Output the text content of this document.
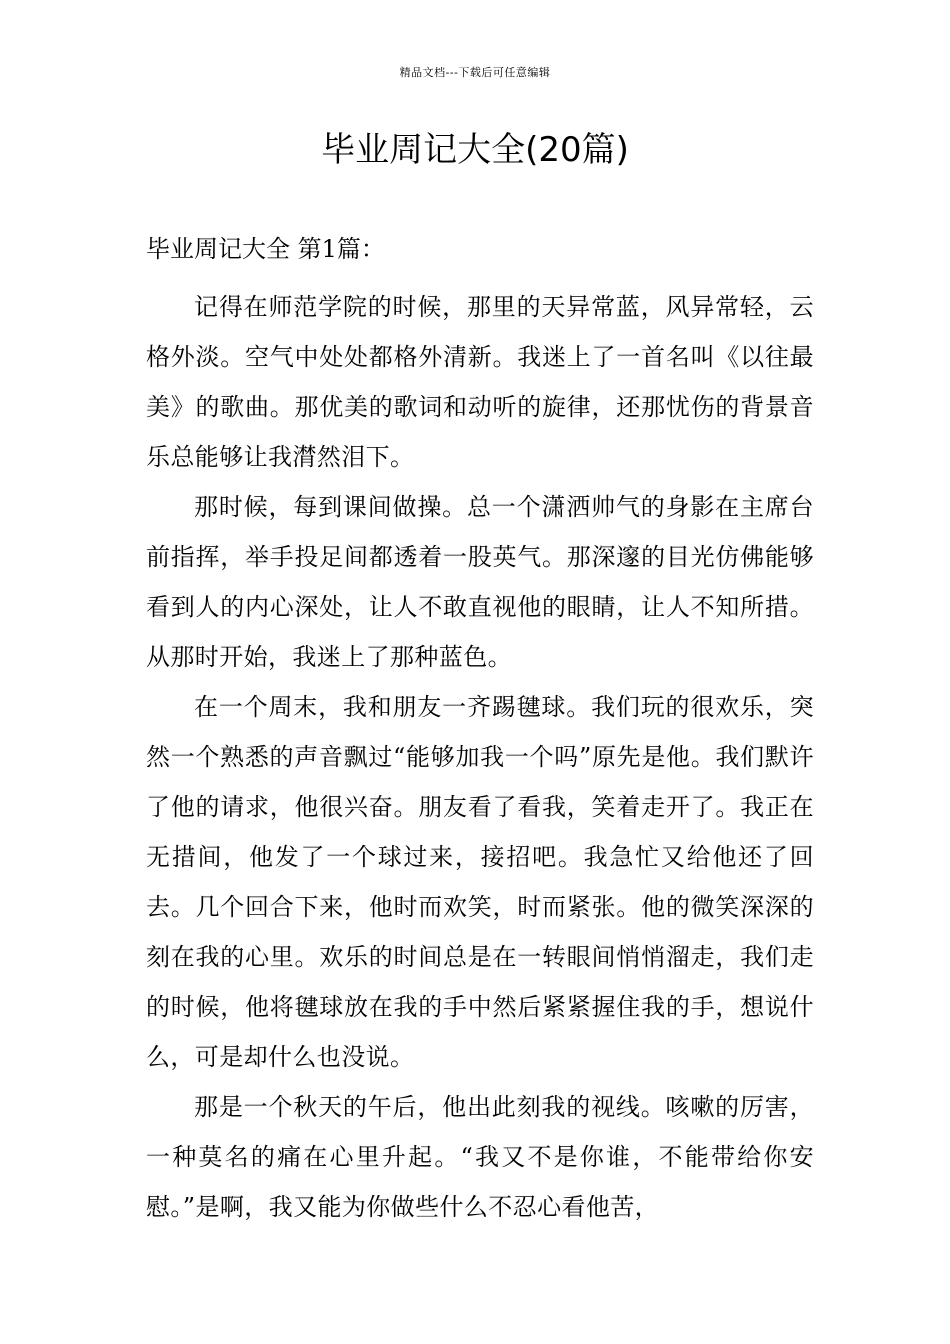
精品文档---下载后可任意编辑
毕业周记大全(20篇)
毕业周记大全 第1篇：

记得在师范学院的时候，那里的天异常蓝，风异常轻，云格外淡。空气中处处都格外清新。我迷上了一首名叫《以往最美》的歌曲。那优美的歌词和动听的旋律，还那忧伤的背景音乐总能够让我潸然泪下。

那时候，每到课间做操。总一个潇洒帅气的身影在主席台前指挥，举手投足间都透着一股英气。那深邃的目光仿佛能够看到人的内心深处，让人不敢直视他的眼睛，让人不知所措。从那时开始，我迷上了那种蓝色。

在一个周末，我和朋友一齐踢毽球。我们玩的很欢乐，突然一个熟悉的声音飘过“能够加我一个吗”原先是他。我们默许了他的请求，他很兴奋。朋友看了看我，笑着走开了。我正在无措间，他发了一个球过来，接招吧。我急忙又给他还了回去。几个回合下来，他时而欢笑，时而紧张。他的微笑深深的刻在我的心里。欢乐的时间总是在一转眼间悄悄溜走，我们走的时候，他将毽球放在我的手中然后紧紧握住我的手，想说什么，可是却什么也没说。

那是一个秋天的午后，他出此刻我的视线。咳嗽的厉害，一种莫名的痛在心里升起。“我又不是你谁，不能带给你安慰。”是啊，我又能为你做些什么不忍心看他苦，
